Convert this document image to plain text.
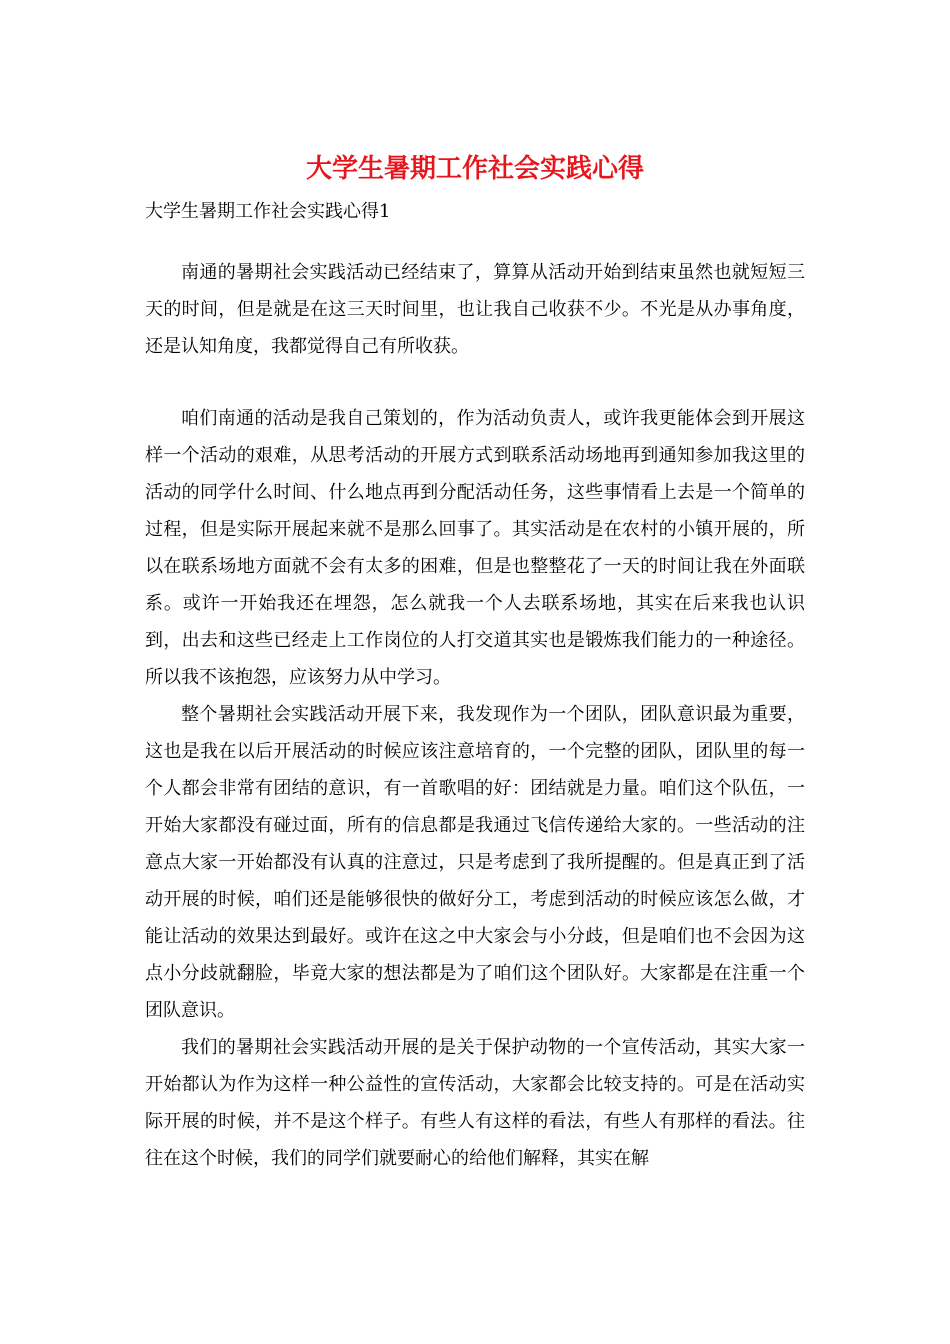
大学生暑期工作社会实践心得

大学生暑期工作社会实践心得1

南通的暑期社会实践活动已经结束了，算算从活动开始到结束虽然也就短短三天的时间，但是就是在这三天时间里，也让我自己收获不少。不光是从办事角度，还是认知角度，我都觉得自己有所收获。

咱们南通的活动是我自己策划的，作为活动负责人，或许我更能体会到开展这样一个活动的艰难，从思考活动的开展方式到联系活动场地再到通知参加我这里的活动的同学什么时间、什么地点再到分配活动任务，这些事情看上去是一个简单的过程，但是实际开展起来就不是那么回事了。其实活动是在农村的小镇开展的，所以在联系场地方面就不会有太多的困难，但是也整整花了一天的时间让我在外面联系。或许一开始我还在埋怨，怎么就我一个人去联系场地，其实在后来我也认识到，出去和这些已经走上工作岗位的人打交道其实也是锻炼我们能力的一种途径。所以我不该抱怨，应该努力从中学习。

整个暑期社会实践活动开展下来，我发现作为一个团队，团队意识最为重要，这也是我在以后开展活动的时候应该注意培育的，一个完整的团队，团队里的每一个人都会非常有团结的意识，有一首歌唱的好：团结就是力量。咱们这个队伍，一开始大家都没有碰过面，所有的信息都是我通过飞信传递给大家的。一些活动的注意点大家一开始都没有认真的注意过，只是考虑到了我所提醒的。但是真正到了活动开展的时候，咱们还是能够很快的做好分工，考虑到活动的时候应该怎么做，才能让活动的效果达到最好。或许在这之中大家会与小分歧，但是咱们也不会因为这点小分歧就翻脸，毕竟大家的想法都是为了咱们这个团队好。大家都是在注重一个团队意识。

我们的暑期社会实践活动开展的是关于保护动物的一个宣传活动，其实大家一开始都认为作为这样一种公益性的宣传活动，大家都会比较支持的。可是在活动实际开展的时候，并不是这个样子。有些人有这样的看法，有些人有那样的看法。往往在这个时候，我们的同学们就要耐心的给他们解释，其实在解
